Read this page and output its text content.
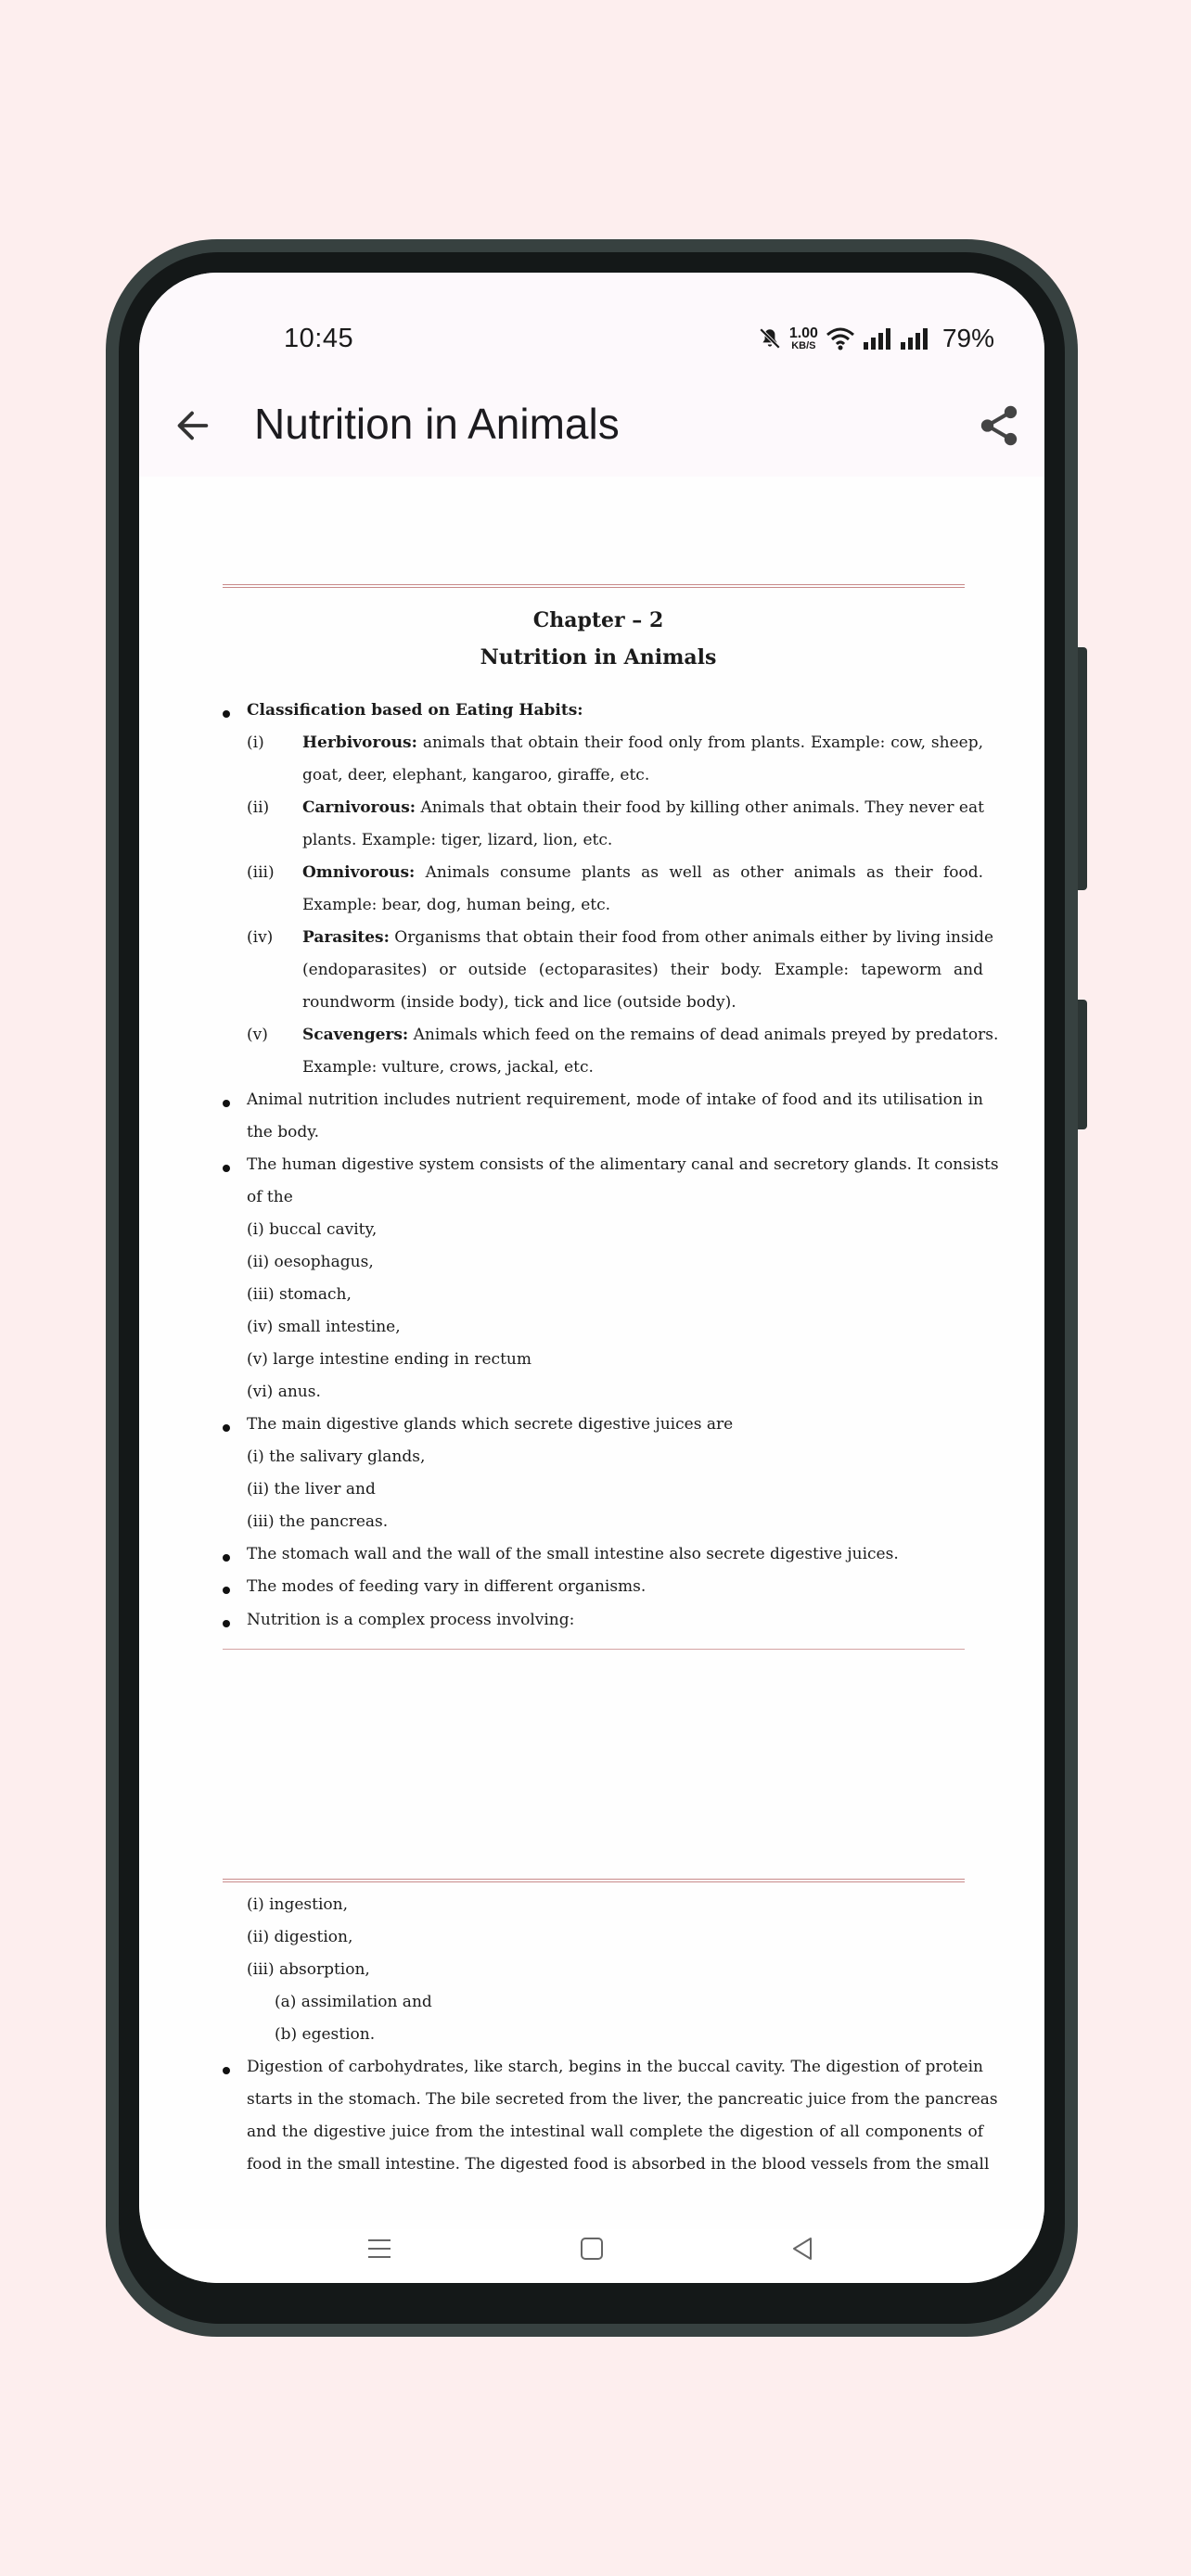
10:45	1.00
KB/S	79%
Nutrition in Animals
Chapter – 2
Nutrition in Animals
Classification based on Eating Habits:
(i) Herbivorous: animals that obtain their food only from plants. Example: cow, sheep,
goat, deer, elephant, kangaroo, giraffe, etc.
(ii) Carnivorous: Animals that obtain their food by killing other animals. They never eat
plants. Example: tiger, lizard, lion, etc.
(iii) Omnivorous: Animals consume plants as well as other animals as their food.
Example: bear, dog, human being, etc.
(iv) Parasites: Organisms that obtain their food from other animals either by living inside
(endoparasites) or outside (ectoparasites) their body. Example: tapeworm and
roundworm (inside body), tick and lice (outside body).
(v) Scavengers: Animals which feed on the remains of dead animals preyed by predators.
Example: vulture, crows, jackal, etc.
Animal nutrition includes nutrient requirement, mode of intake of food and its utilisation in
the body.
The human digestive system consists of the alimentary canal and secretory glands. It consists
of the
(i) buccal cavity,
(ii) oesophagus,
(iii) stomach,
(iv) small intestine,
(v) large intestine ending in rectum
(vi) anus.
The main digestive glands which secrete digestive juices are
(i) the salivary glands,
(ii) the liver and
(iii) the pancreas.
The stomach wall and the wall of the small intestine also secrete digestive juices.
The modes of feeding vary in different organisms.
Nutrition is a complex process involving:
(i) ingestion,
(ii) digestion,
(iii) absorption,
(a) assimilation and
(b) egestion.
Digestion of carbohydrates, like starch, begins in the buccal cavity. The digestion of protein
starts in the stomach. The bile secreted from the liver, the pancreatic juice from the pancreas
and the digestive juice from the intestinal wall complete the digestion of all components of
food in the small intestine. The digested food is absorbed in the blood vessels from the small
